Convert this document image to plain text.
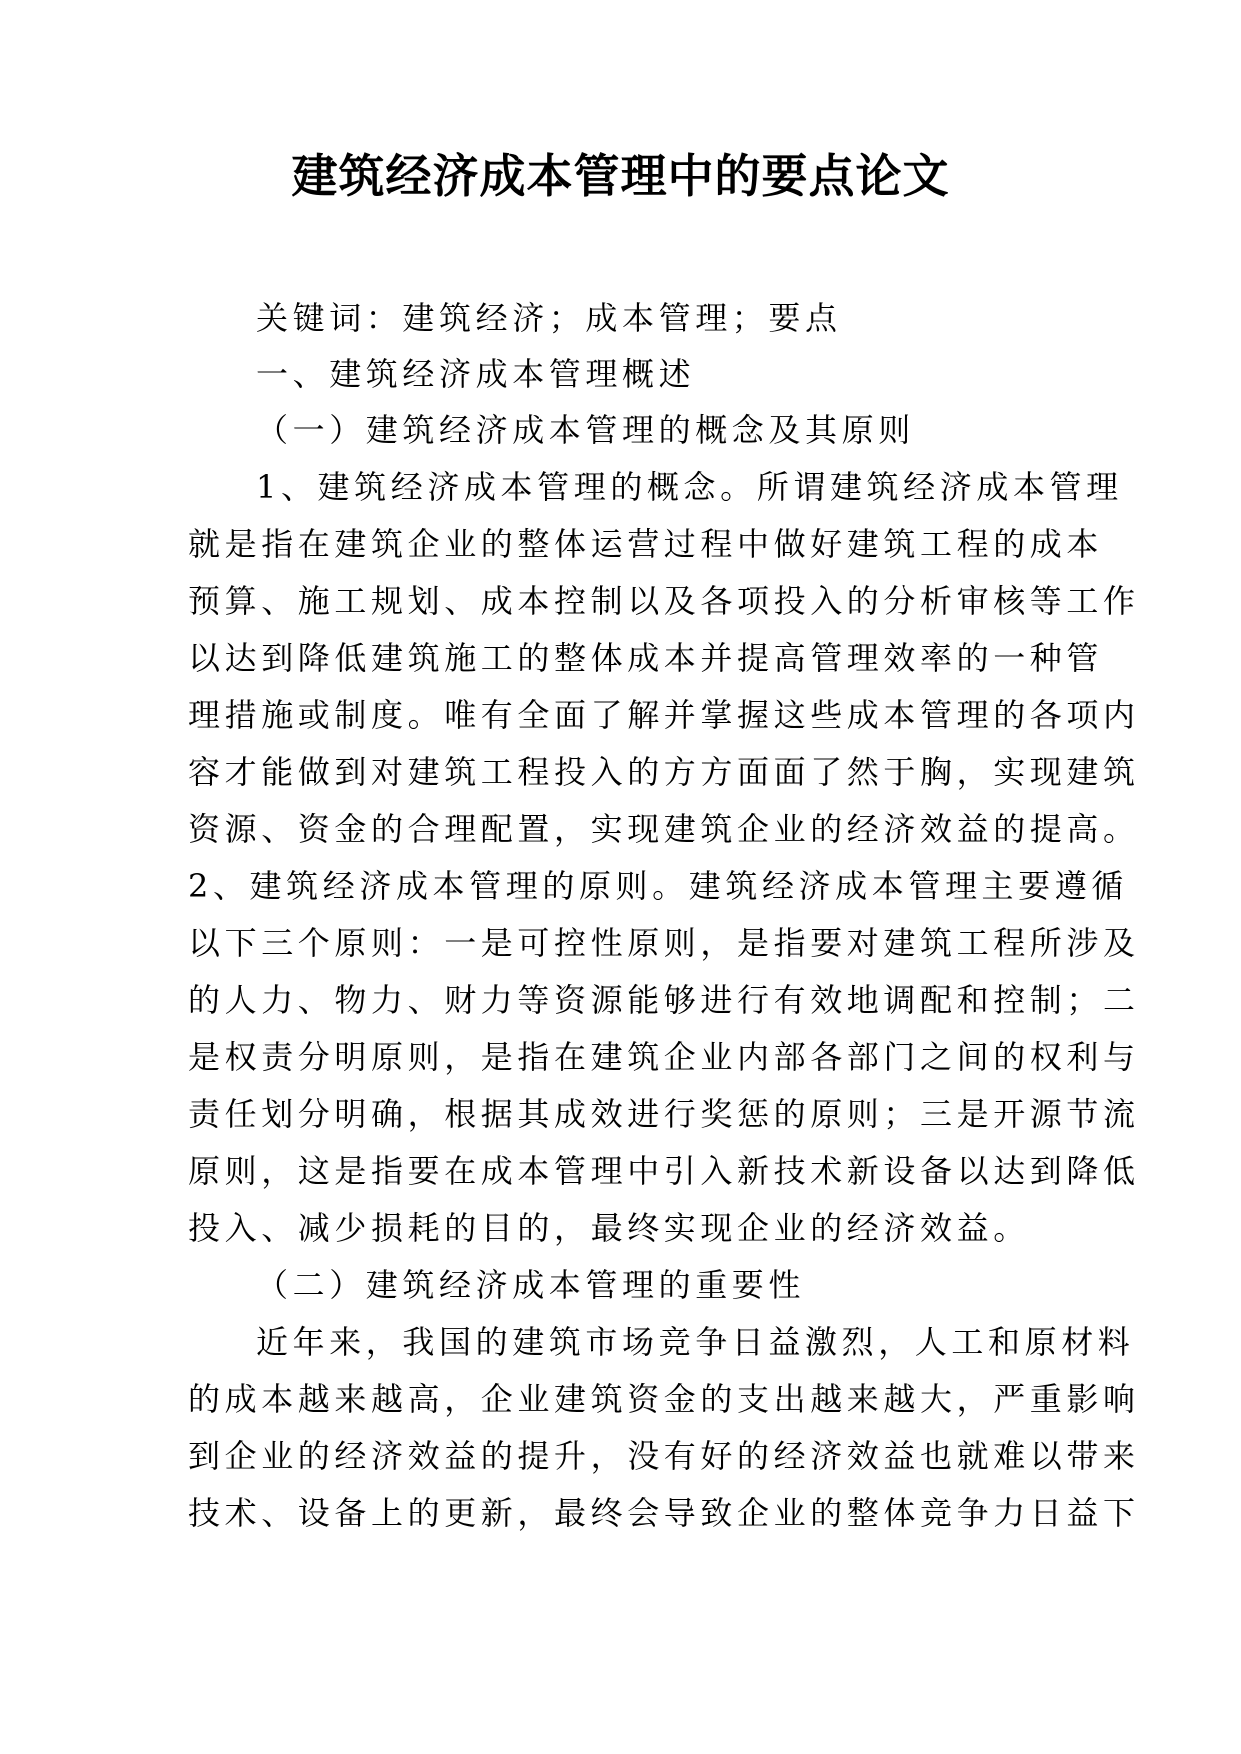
建筑经济成本管理中的要点论文
关键词：建筑经济；成本管理；要点
一、建筑经济成本管理概述
（一）建筑经济成本管理的概念及其原则
1、建筑经济成本管理的概念。所谓建筑经济成本管理
就是指在建筑企业的整体运营过程中做好建筑工程的成本
预算、施工规划、成本控制以及各项投入的分析审核等工作
以达到降低建筑施工的整体成本并提高管理效率的一种管
理措施或制度。唯有全面了解并掌握这些成本管理的各项内
容才能做到对建筑工程投入的方方面面了然于胸，实现建筑
资源、资金的合理配置，实现建筑企业的经济效益的提高。
2、建筑经济成本管理的原则。建筑经济成本管理主要遵循
以下三个原则：一是可控性原则，是指要对建筑工程所涉及
的人力、物力、财力等资源能够进行有效地调配和控制；二
是权责分明原则，是指在建筑企业内部各部门之间的权利与
责任划分明确，根据其成效进行奖惩的原则；三是开源节流
原则，这是指要在成本管理中引入新技术新设备以达到降低
投入、减少损耗的目的，最终实现企业的经济效益。
（二）建筑经济成本管理的重要性
近年来，我国的建筑市场竞争日益激烈，人工和原材料
的成本越来越高，企业建筑资金的支出越来越大，严重影响
到企业的经济效益的提升，没有好的经济效益也就难以带来
技术、设备上的更新，最终会导致企业的整体竞争力日益下
